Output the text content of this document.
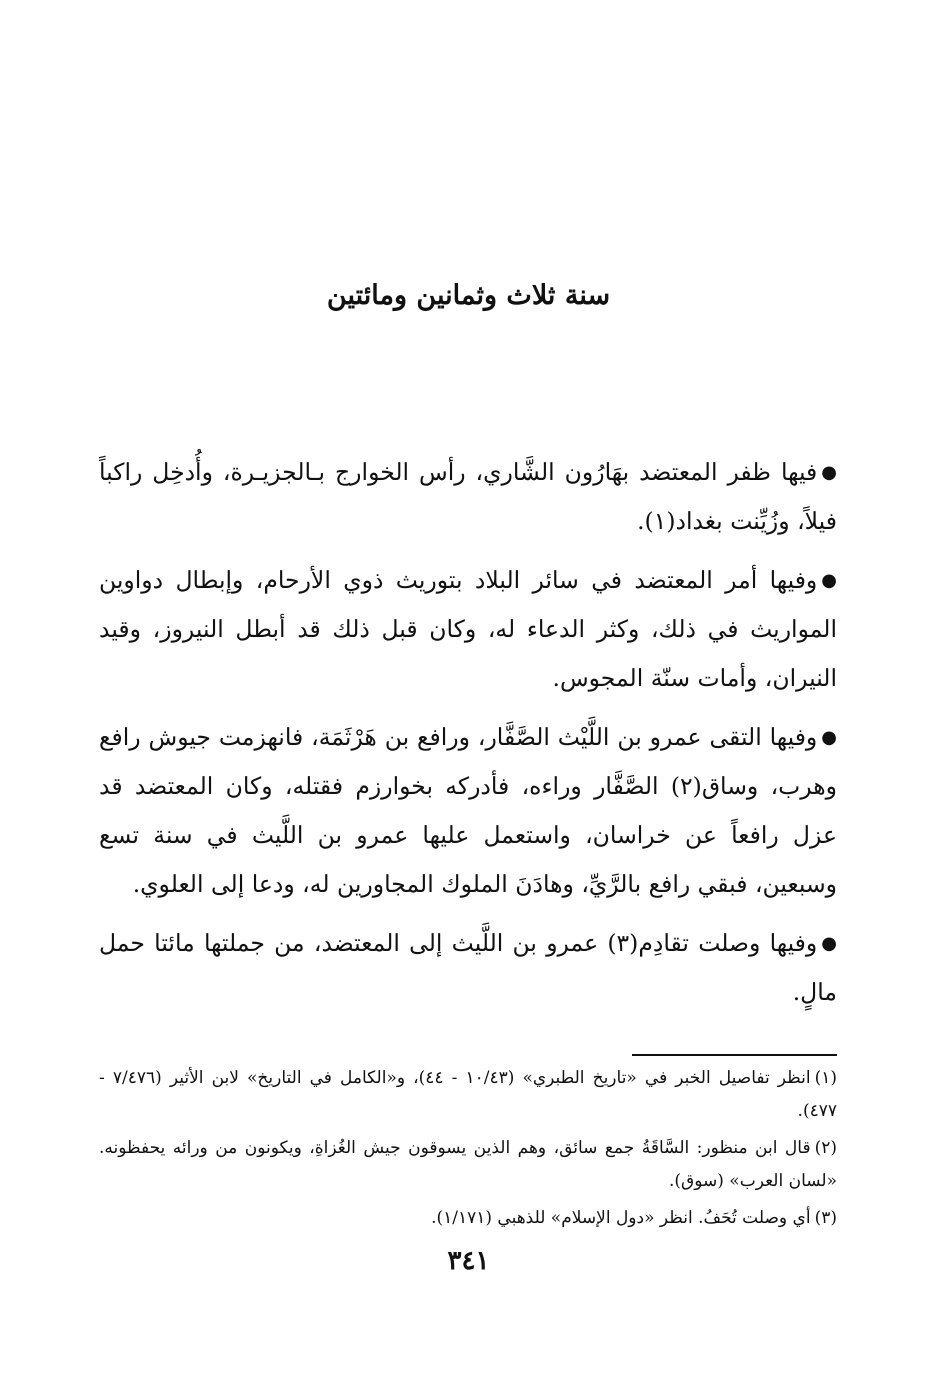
سنة ثلاث وثمانين ومائتين

●فيها ظفر المعتضد بهَارُون الشَّاري، رأس الخوارج بـالجزيـرة، وأُدخِل راكباً فيلاً، وزُيِّنت بغداد(١).

●وفيها أمر المعتضد في سائر البلاد بتوريث ذوي الأرحام، وإبطال دواوين المواريث في ذلك، وكثر الدعاء له، وكان قبل ذلك قد أبطل النيروز، وقيد النيران، وأمات سنّة المجوس.

●وفيها التقى عمرو بن اللَّيْث الصَّفَّار، ورافع بن هَرْثَمَة، فانهزمت جيوش رافع وهرب، وساق(٢) الصَّفَّار وراءه، فأدركه بخوارزم فقتله، وكان المعتضد قد عزل رافعاً عن خراسان، واستعمل عليها عمرو بن اللَّيث في سنة تسع وسبعين، فبقي رافع بالرَّيِّ، وهادَنَ الملوك المجاورين له، ودعا إلى العلوي.

●وفيها وصلت تقادِم(٣) عمرو بن اللَّيث إلى المعتضد، من جملتها مائتا حمل مالٍ.

(١)انظر تفاصيل الخبر في «تاريخ الطبري» (١٠/٤٣ - ٤٤)، و«الكامل في التاريخ» لابن الأثير (٧/٤٧٦ - ٤٧٧).

(٢)قال ابن منظور: السَّاقَةُ جمع سائق، وهم الذين يسوقون جيش الغُزاةِ، ويكونون من ورائه يحفظونه. «لسان العرب» (سوق).

(٣)أي وصلت تُحَفُ. انظر «دول الإسلام» للذهبي (١/١٧١).

٣٤١
